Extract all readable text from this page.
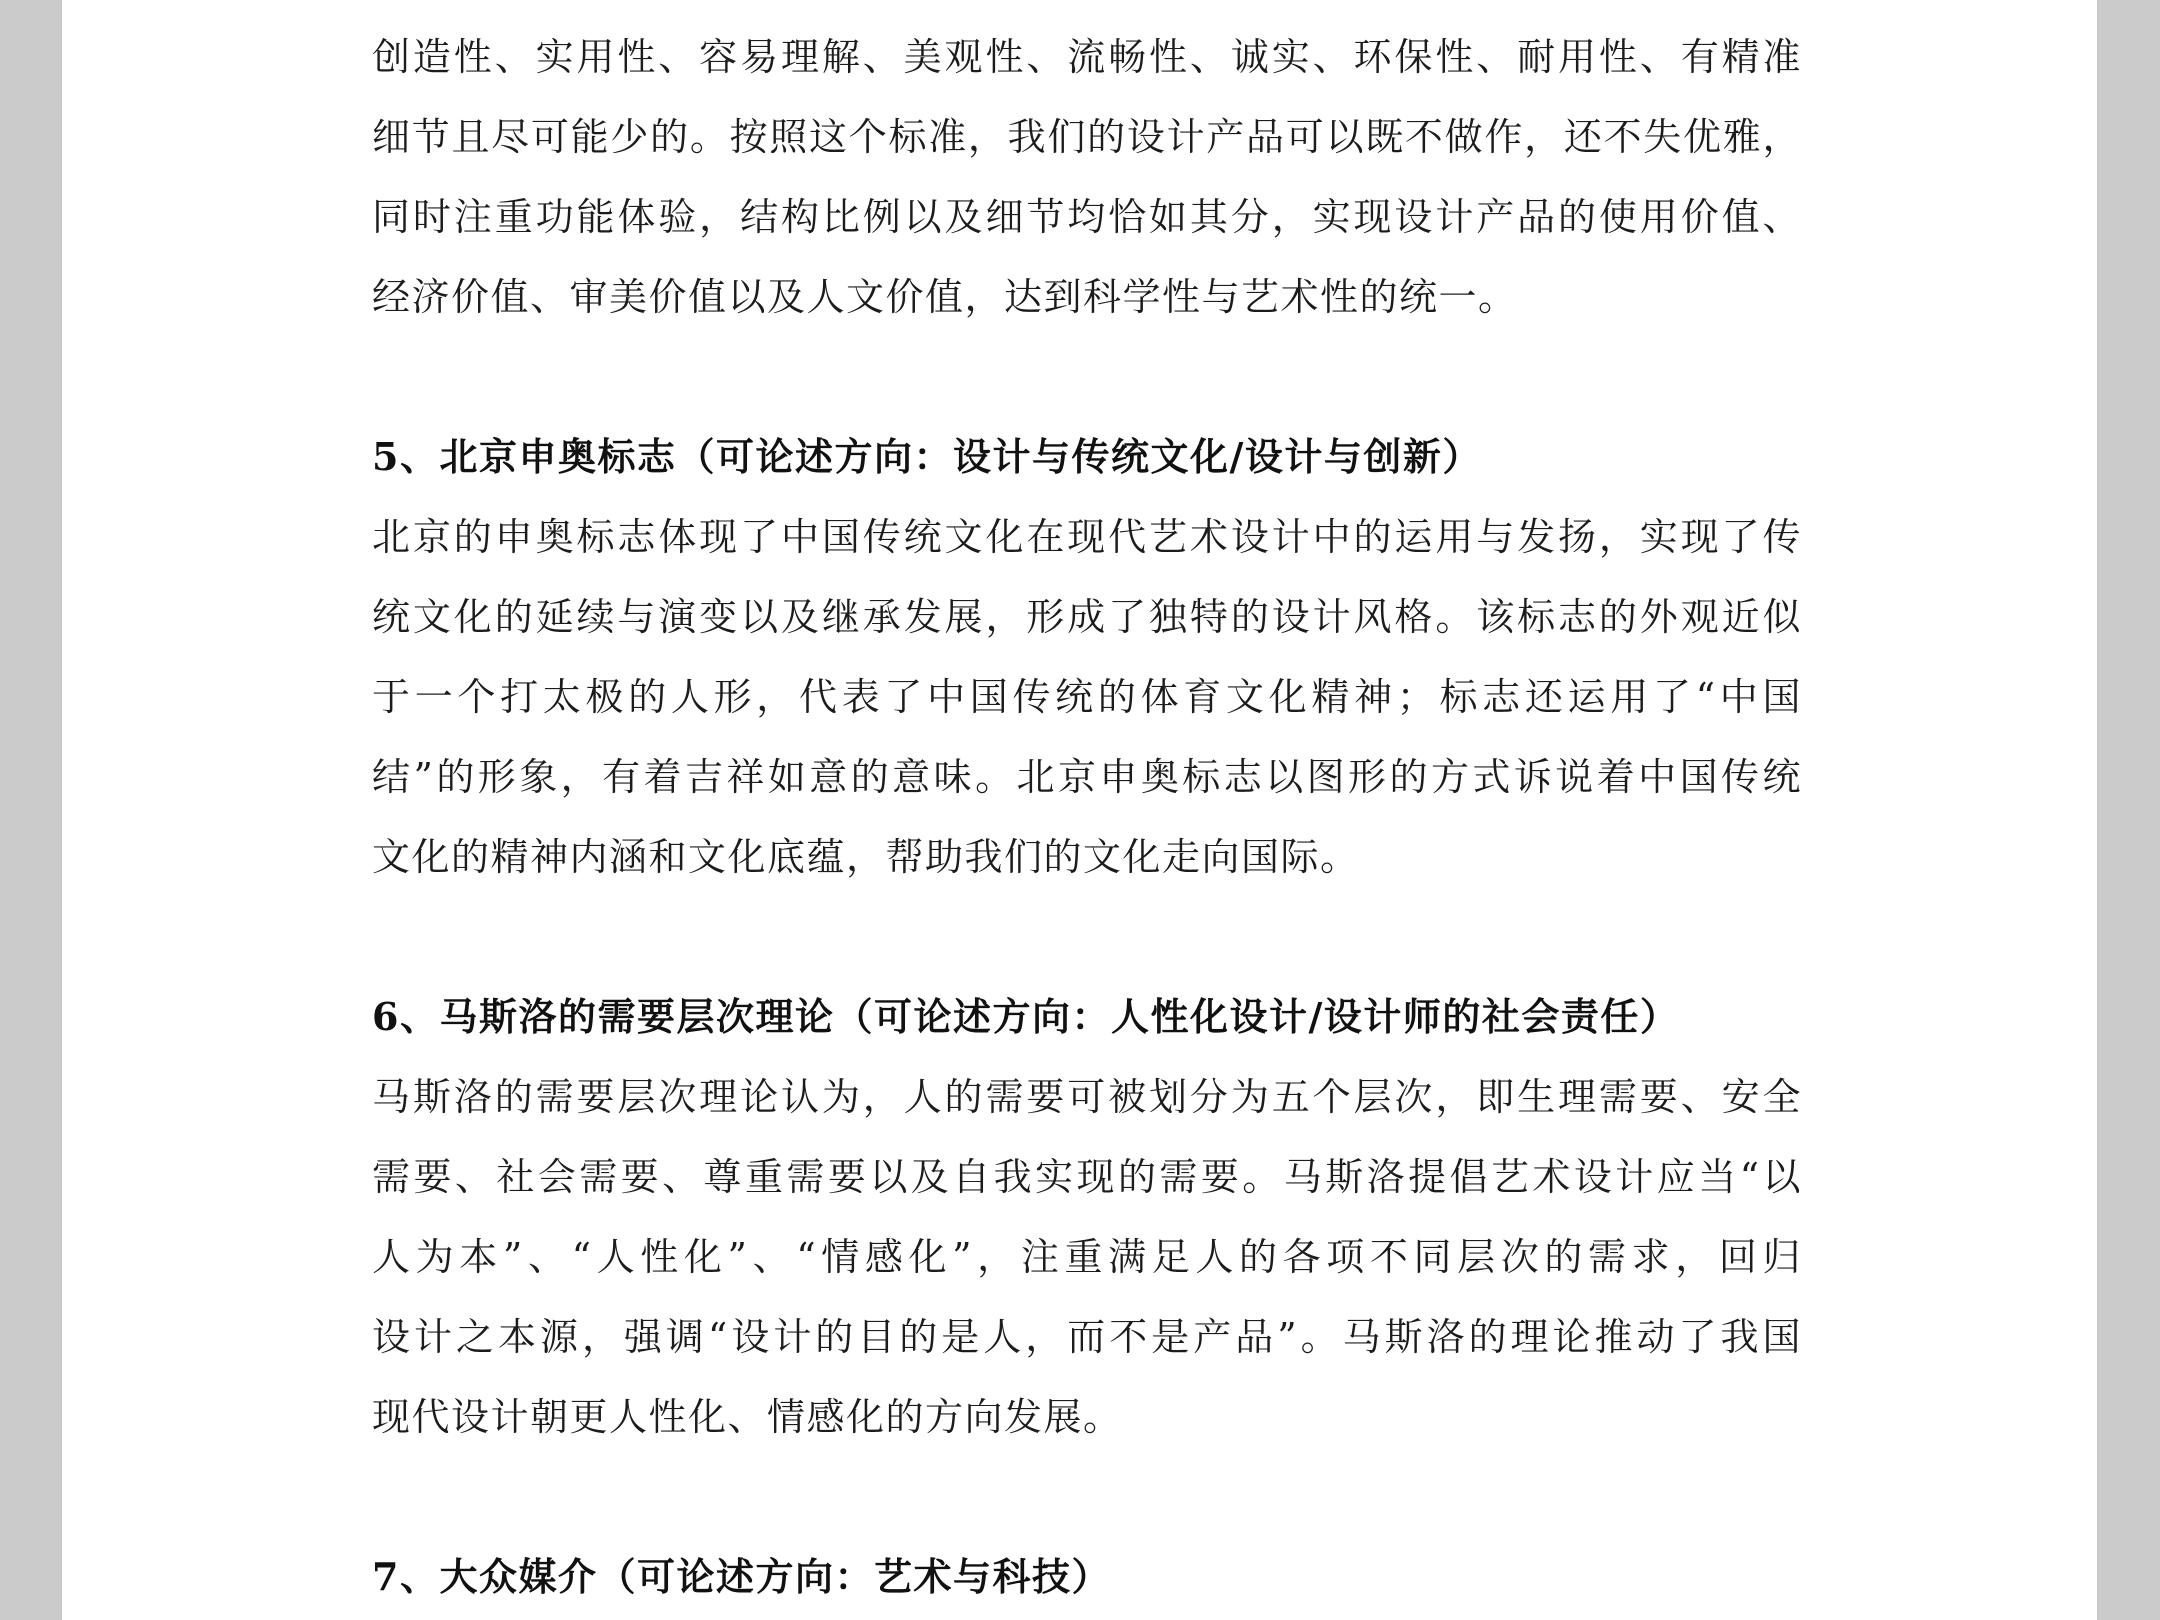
创造性、实用性、容易理解、美观性、流畅性、诚实、环保性、耐用性、有精准
细节且尽可能少的。按照这个标准，我们的设计产品可以既不做作，还不失优雅，
同时注重功能体验，结构比例以及细节均恰如其分，实现设计产品的使用价值、
经济价值、审美价值以及人文价值，达到科学性与艺术性的统一。
5、北京申奥标志（可论述方向：设计与传统文化/设计与创新）
北京的申奥标志体现了中国传统文化在现代艺术设计中的运用与发扬，实现了传
统文化的延续与演变以及继承发展，形成了独特的设计风格。该标志的外观近似
于一个打太极的人形，代表了中国传统的体育文化精神；标志还运用了“中国
结”的形象，有着吉祥如意的意味。北京申奥标志以图形的方式诉说着中国传统
文化的精神内涵和文化底蕴，帮助我们的文化走向国际。
6、马斯洛的需要层次理论（可论述方向：人性化设计/设计师的社会责任）
马斯洛的需要层次理论认为，人的需要可被划分为五个层次，即生理需要、安全
需要、社会需要、尊重需要以及自我实现的需要。马斯洛提倡艺术设计应当“以
人为本”、“人性化”、“情感化”，注重满足人的各项不同层次的需求，回归
设计之本源，强调“设计的目的是人，而不是产品”。马斯洛的理论推动了我国
现代设计朝更人性化、情感化的方向发展。
7、大众媒介（可论述方向：艺术与科技）
